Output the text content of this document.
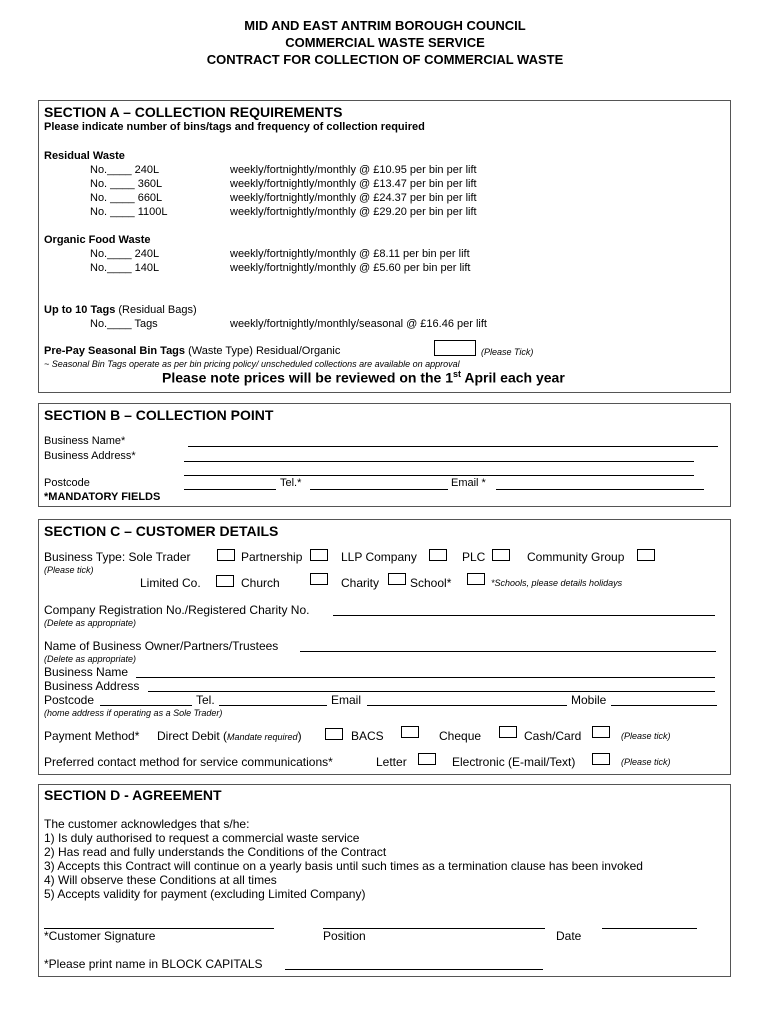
MID AND EAST ANTRIM BOROUGH COUNCIL
COMMERCIAL WASTE SERVICE
CONTRACT FOR COLLECTION OF COMMERCIAL WASTE
SECTION A – COLLECTION REQUIREMENTS
Please indicate number of bins/tags and frequency of collection required
Residual Waste
No.____ 240L	weekly/fortnightly/monthly @ £10.95 per bin per lift
No. ____ 360L	weekly/fortnightly/monthly @ £13.47 per bin per lift
No. ____ 660L	weekly/fortnightly/monthly @ £24.37 per bin per lift
No. ____ 1100L	weekly/fortnightly/monthly @ £29.20 per bin per lift
Organic Food Waste
No.____ 240L	weekly/fortnightly/monthly @ £8.11 per bin per lift
No.____ 140L	weekly/fortnightly/monthly @ £5.60 per bin per lift
Up to 10 Tags (Residual Bags)
No.____ Tags	weekly/fortnightly/monthly/seasonal @ £16.46 per lift
Pre-Pay Seasonal Bin Tags (Waste Type) Residual/Organic	(Please Tick)
~ Seasonal Bin Tags operate as per bin pricing policy/ unscheduled collections are available on approval
Please note prices will be reviewed on the 1st April each year
SECTION B – COLLECTION POINT
Business Name*
Business Address*
Postcode	Tel.*	Email *
*MANDATORY FIELDS
SECTION C – CUSTOMER DETAILS
Business Type: Sole Trader	Partnership	LLP Company	PLC	Community Group
(Please tick)
Limited Co.	Church	Charity	School*	*Schools, please details holidays
Company Registration No./Registered Charity No.
(Delete as appropriate)
Name of Business Owner/Partners/Trustees
(Delete as appropriate)
Business Name
Business Address
Postcode	Tel.	Email	Mobile
(home address if operating as a Sole Trader)
Payment Method* Direct Debit (Mandate required)	BACS	Cheque	Cash/Card	(Please tick)
Preferred contact method for service communications*	Letter	Electronic (E-mail/Text)	(Please tick)
SECTION D - AGREEMENT
The customer acknowledges that s/he:
1) Is duly authorised to request a commercial waste service
2) Has read and fully understands the Conditions of the Contract
3) Accepts this Contract will continue on a yearly basis until such times as a termination clause has been invoked
4) Will observe these Conditions at all times
5) Accepts validity for payment (excluding Limited Company)
*Customer Signature	Position	Date
*Please print name in BLOCK CAPITALS
